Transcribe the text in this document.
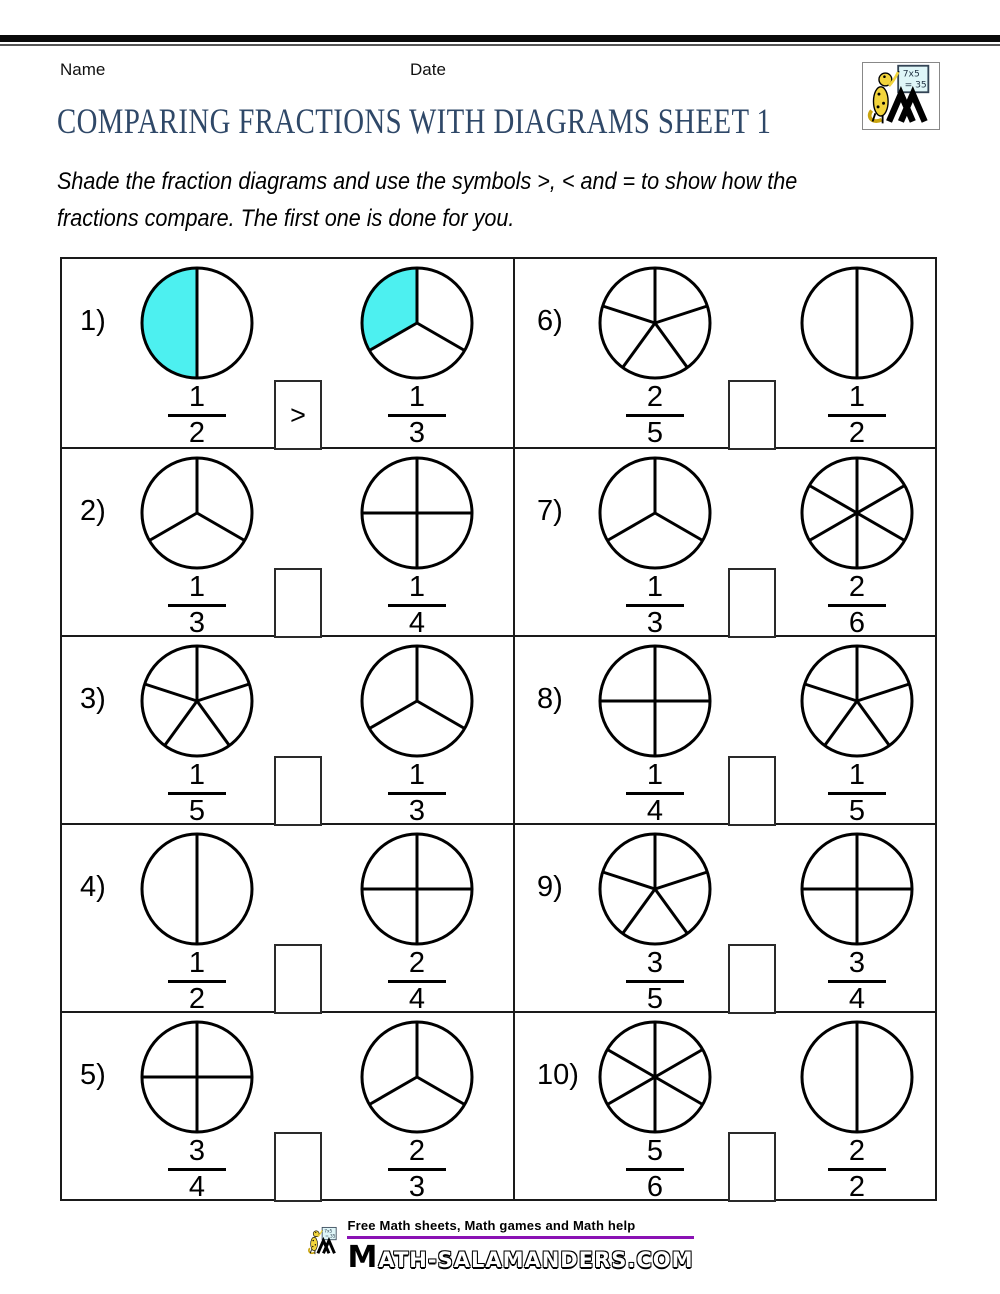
Name	Date
COMPARING FRACTIONS WITH DIAGRAMS SHEET 1
Shade the fraction diagrams and use the symbols >, < and = to show how the
fractions compare. The first one is done for you.
1)
$\frac{1}{2}$	$\frac{1}{3}$
>
6)
$\frac{2}{5}$	$\frac{1}{2}$
2)
$\frac{1}{3}$	$\frac{1}{4}$
7)
$\frac{1}{3}$	$\frac{2}{6}$
3)
$\frac{1}{5}$	$\frac{1}{3}$
8)
$\frac{1}{4}$	$\frac{1}{5}$
4)
$\frac{1}{2}$	$\frac{2}{4}$
9)
$\frac{3}{5}$	$\frac{3}{4}$
5)
$\frac{3}{4}$	$\frac{2}{3}$
10)
$\frac{5}{6}$	$\frac{2}{2}$
Free Math sheets, Math games and Math help
MATH-SALAMANDERS.COM
